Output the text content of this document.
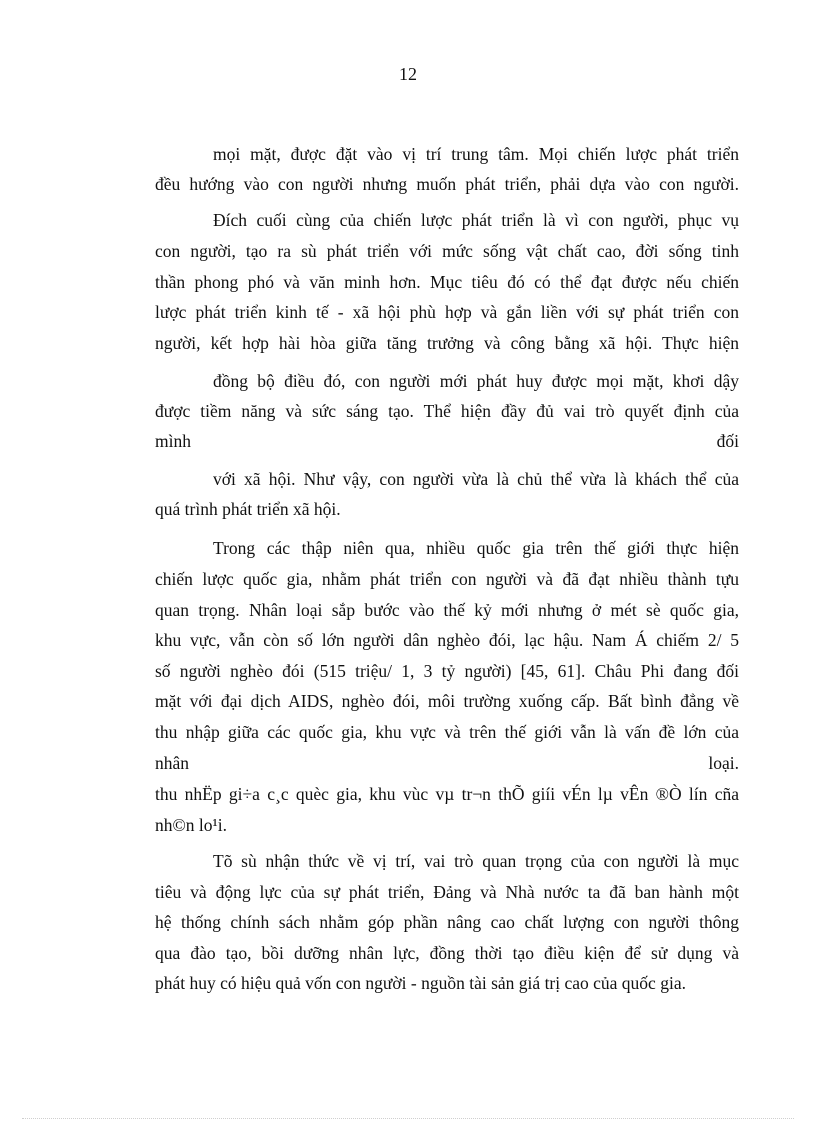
12
mọi mặt, được đặt vào vị trí trung tâm. Mọi chiến lược phát triển
đều hướng vào con người nhưng muốn phát triển, phải dựa vào con người.
Đích cuối cùng của chiến lược phát triển là vì con người, phục vụ
con người, tạo ra sù phát triển với mức sống vật chất cao, đời sống tinh
thần phong phó và văn minh hơn. Mục tiêu đó có thể đạt được nếu chiến
lược phát triển kinh tế - xã hội phù hợp và gắn liền với sự phát triển con
người, kết hợp hài hòa giữa tăng trưởng và công bằng xã hội. Thực hiện
đồng bộ điều đó, con người mới phát huy được mọi mặt, khơi dậy
được tiềm năng và sức sáng tạo. Thể hiện đầy đủ vai trò quyết định của
mình	đối
với xã hội. Như vậy, con người vừa là chủ thể vừa là khách thể của
quá trình phát triển xã hội.
Trong các thập niên qua, nhiều quốc gia trên thế giới thực hiện
chiến lược quốc gia, nhằm phát triển con người và đã đạt nhiều thành tựu
quan trọng. Nhân loại sắp bước vào thế kỷ mới nhưng ở mét sè quốc gia,
khu vực, vẫn còn số lớn người dân nghèo đói, lạc hậu. Nam Á chiếm 2/ 5
số người nghèo đói (515 triệu/ 1, 3 tỷ người) [45, 61]. Châu Phi đang đối
mặt với đại dịch AIDS, nghèo đói, môi trường xuống cấp. Bất bình đẳng về
thu nhập giữa các quốc gia, khu vực và trên thế giới vẫn là vấn đề lớn của
nhân	loại.
thu nhËp gi÷a c¸c quèc gia, khu vùc vµ tr¬n thÕ giíi vÉn lµ vÊn ®Ò lín cña
nh©n lo¹i.
Tõ sù nhận thức về vị trí, vai trò quan trọng của con người là mục
tiêu và động lực của sự phát triển, Đảng và Nhà nước ta đã ban hành một
hệ thống chính sách nhằm góp phần nâng cao chất lượng con người thông
qua đào tạo, bồi dưỡng nhân lực, đồng thời tạo điều kiện để sử dụng và
phát huy có hiệu quả vốn con người - nguồn tài sản giá trị cao của quốc gia.
